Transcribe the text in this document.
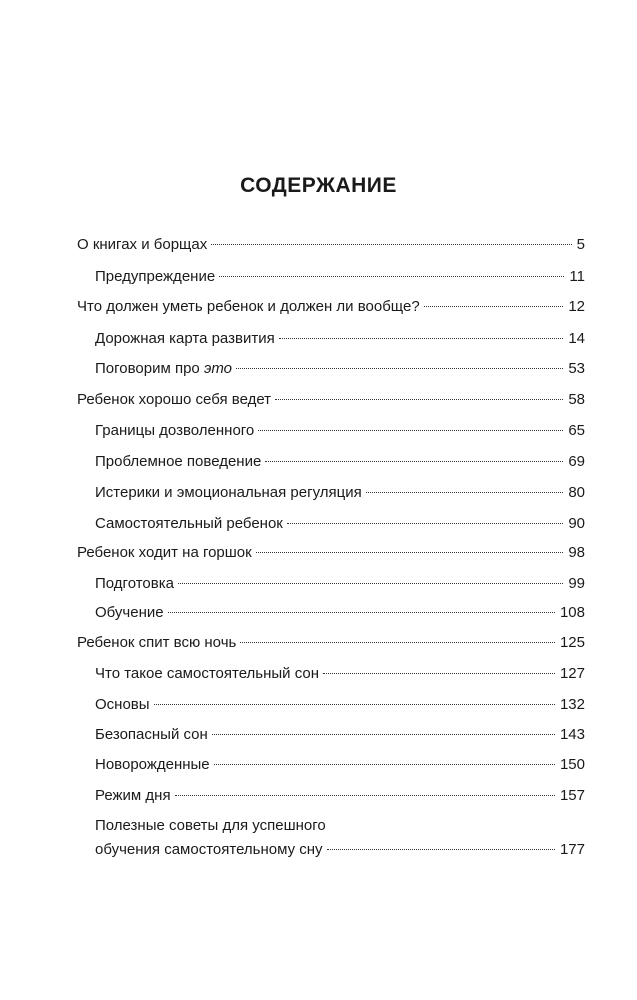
СОДЕРЖАНИЕ
О книгах и борщах	5
Предупреждение	11
Что должен уметь ребенок и должен ли вообще?	12
Дорожная карта развития	14
Поговорим про это	53
Ребенок хорошо себя ведет	58
Границы дозволенного	65
Проблемное поведение	69
Истерики и эмоциональная регуляция	80
Самостоятельный ребенок	90
Ребенок ходит на горшок	98
Подготовка	99
Обучение	108
Ребенок спит всю ночь	125
Что такое самостоятельный сон	127
Основы	132
Безопасный сон	143
Новорожденные	150
Режим дня	157
Полезные советы для успешного
обучения самостоятельному сну	177
